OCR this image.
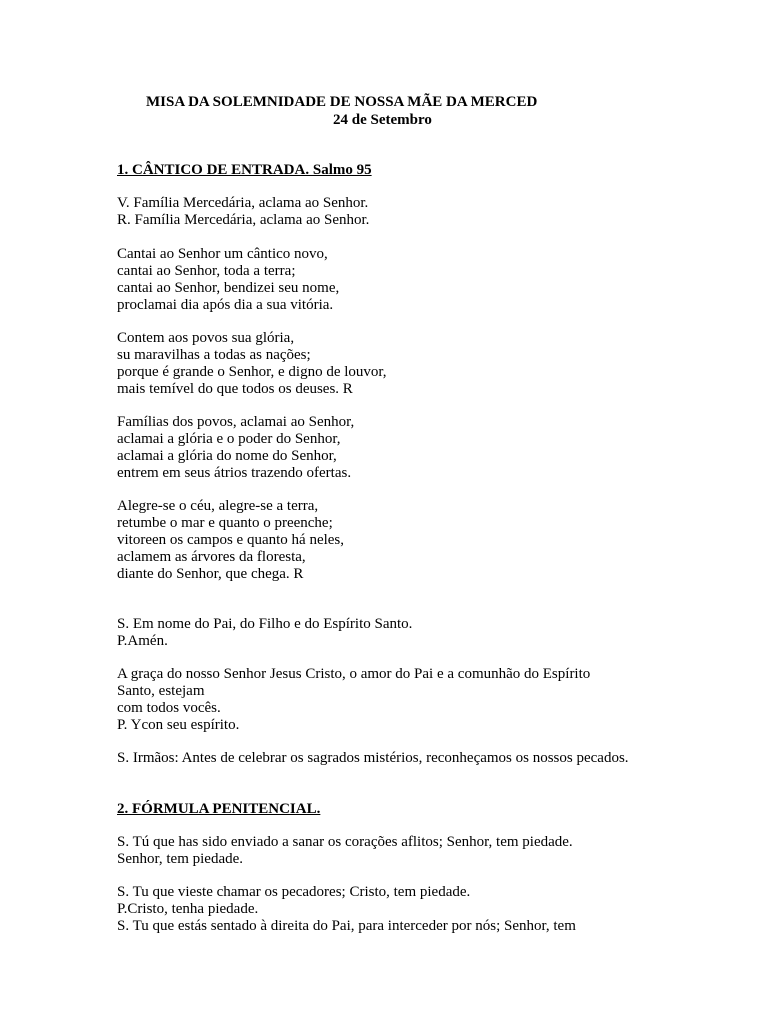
MISA DA SOLEMNIDADE DE NOSSA MÃE DA MERCED
24 de Setembro
1. CÂNTICO DE ENTRADA. Salmo 95
V. Família Mercedária, aclama ao Senhor.
R. Família Mercedária, aclama ao Senhor.
Cantai ao Senhor um cântico novo,
cantai ao Senhor, toda a terra;
cantai ao Senhor, bendizei seu nome,
proclamai dia após dia a sua vitória.
Contem aos povos sua glória,
su maravilhas a todas as nações;
porque é grande o Senhor, e digno de louvor,
mais temível do que todos os deuses. R
Famílias dos povos, aclamai ao Senhor,
aclamai a glória e o poder do Senhor,
aclamai a glória do nome do Senhor,
entrem em seus átrios trazendo ofertas.
Alegre-se o céu, alegre-se a terra,
retumbe o mar e quanto o preenche;
vitoreen os campos e quanto há neles,
aclamem as árvores da floresta,
diante do Senhor, que chega. R
S. Em nome do Pai, do Filho e do Espírito Santo.
P.Amén.
A graça do nosso Senhor Jesus Cristo, o amor do Pai e a comunhão do Espírito
Santo, estejam
com todos vocês.
P. Ycon seu espírito.
S. Irmãos: Antes de celebrar os sagrados mistérios, reconheçamos os nossos pecados.
2. FÓRMULA PENITENCIAL.
S. Tú que has sido enviado a sanar os corações aflitos; Senhor, tem piedade.
Senhor, tem piedade.
S. Tu que vieste chamar os pecadores; Cristo, tem piedade.
P.Cristo, tenha piedade.
S. Tu que estás sentado à direita do Pai, para interceder por nós; Senhor, tem
